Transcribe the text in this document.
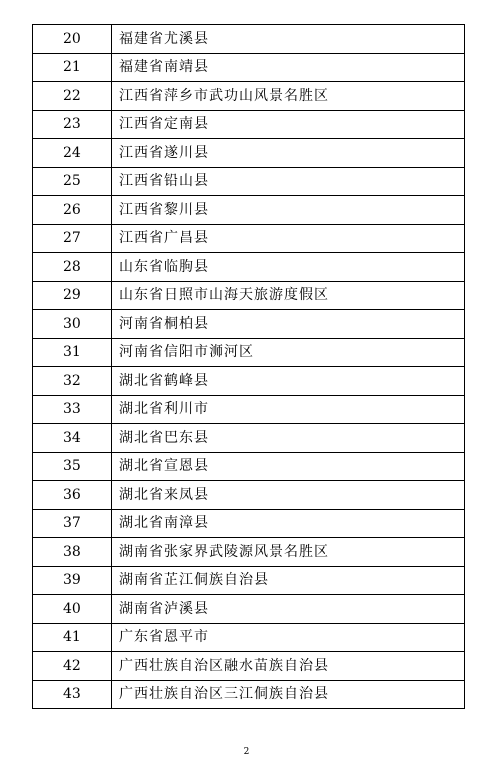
20	福建省尤溪县
21	福建省南靖县
22	江西省萍乡市武功山风景名胜区
23	江西省定南县
24	江西省遂川县
25	江西省铅山县
26	江西省黎川县
27	江西省广昌县
28	山东省临朐县
29	山东省日照市山海天旅游度假区
30	河南省桐柏县
31	河南省信阳市浉河区
32	湖北省鹤峰县
33	湖北省利川市
34	湖北省巴东县
35	湖北省宣恩县
36	湖北省来凤县
37	湖北省南漳县
38	湖南省张家界武陵源风景名胜区
39	湖南省芷江侗族自治县
40	湖南省泸溪县
41	广东省恩平市
42	广西壮族自治区融水苗族自治县
43	广西壮族自治区三江侗族自治县
2
